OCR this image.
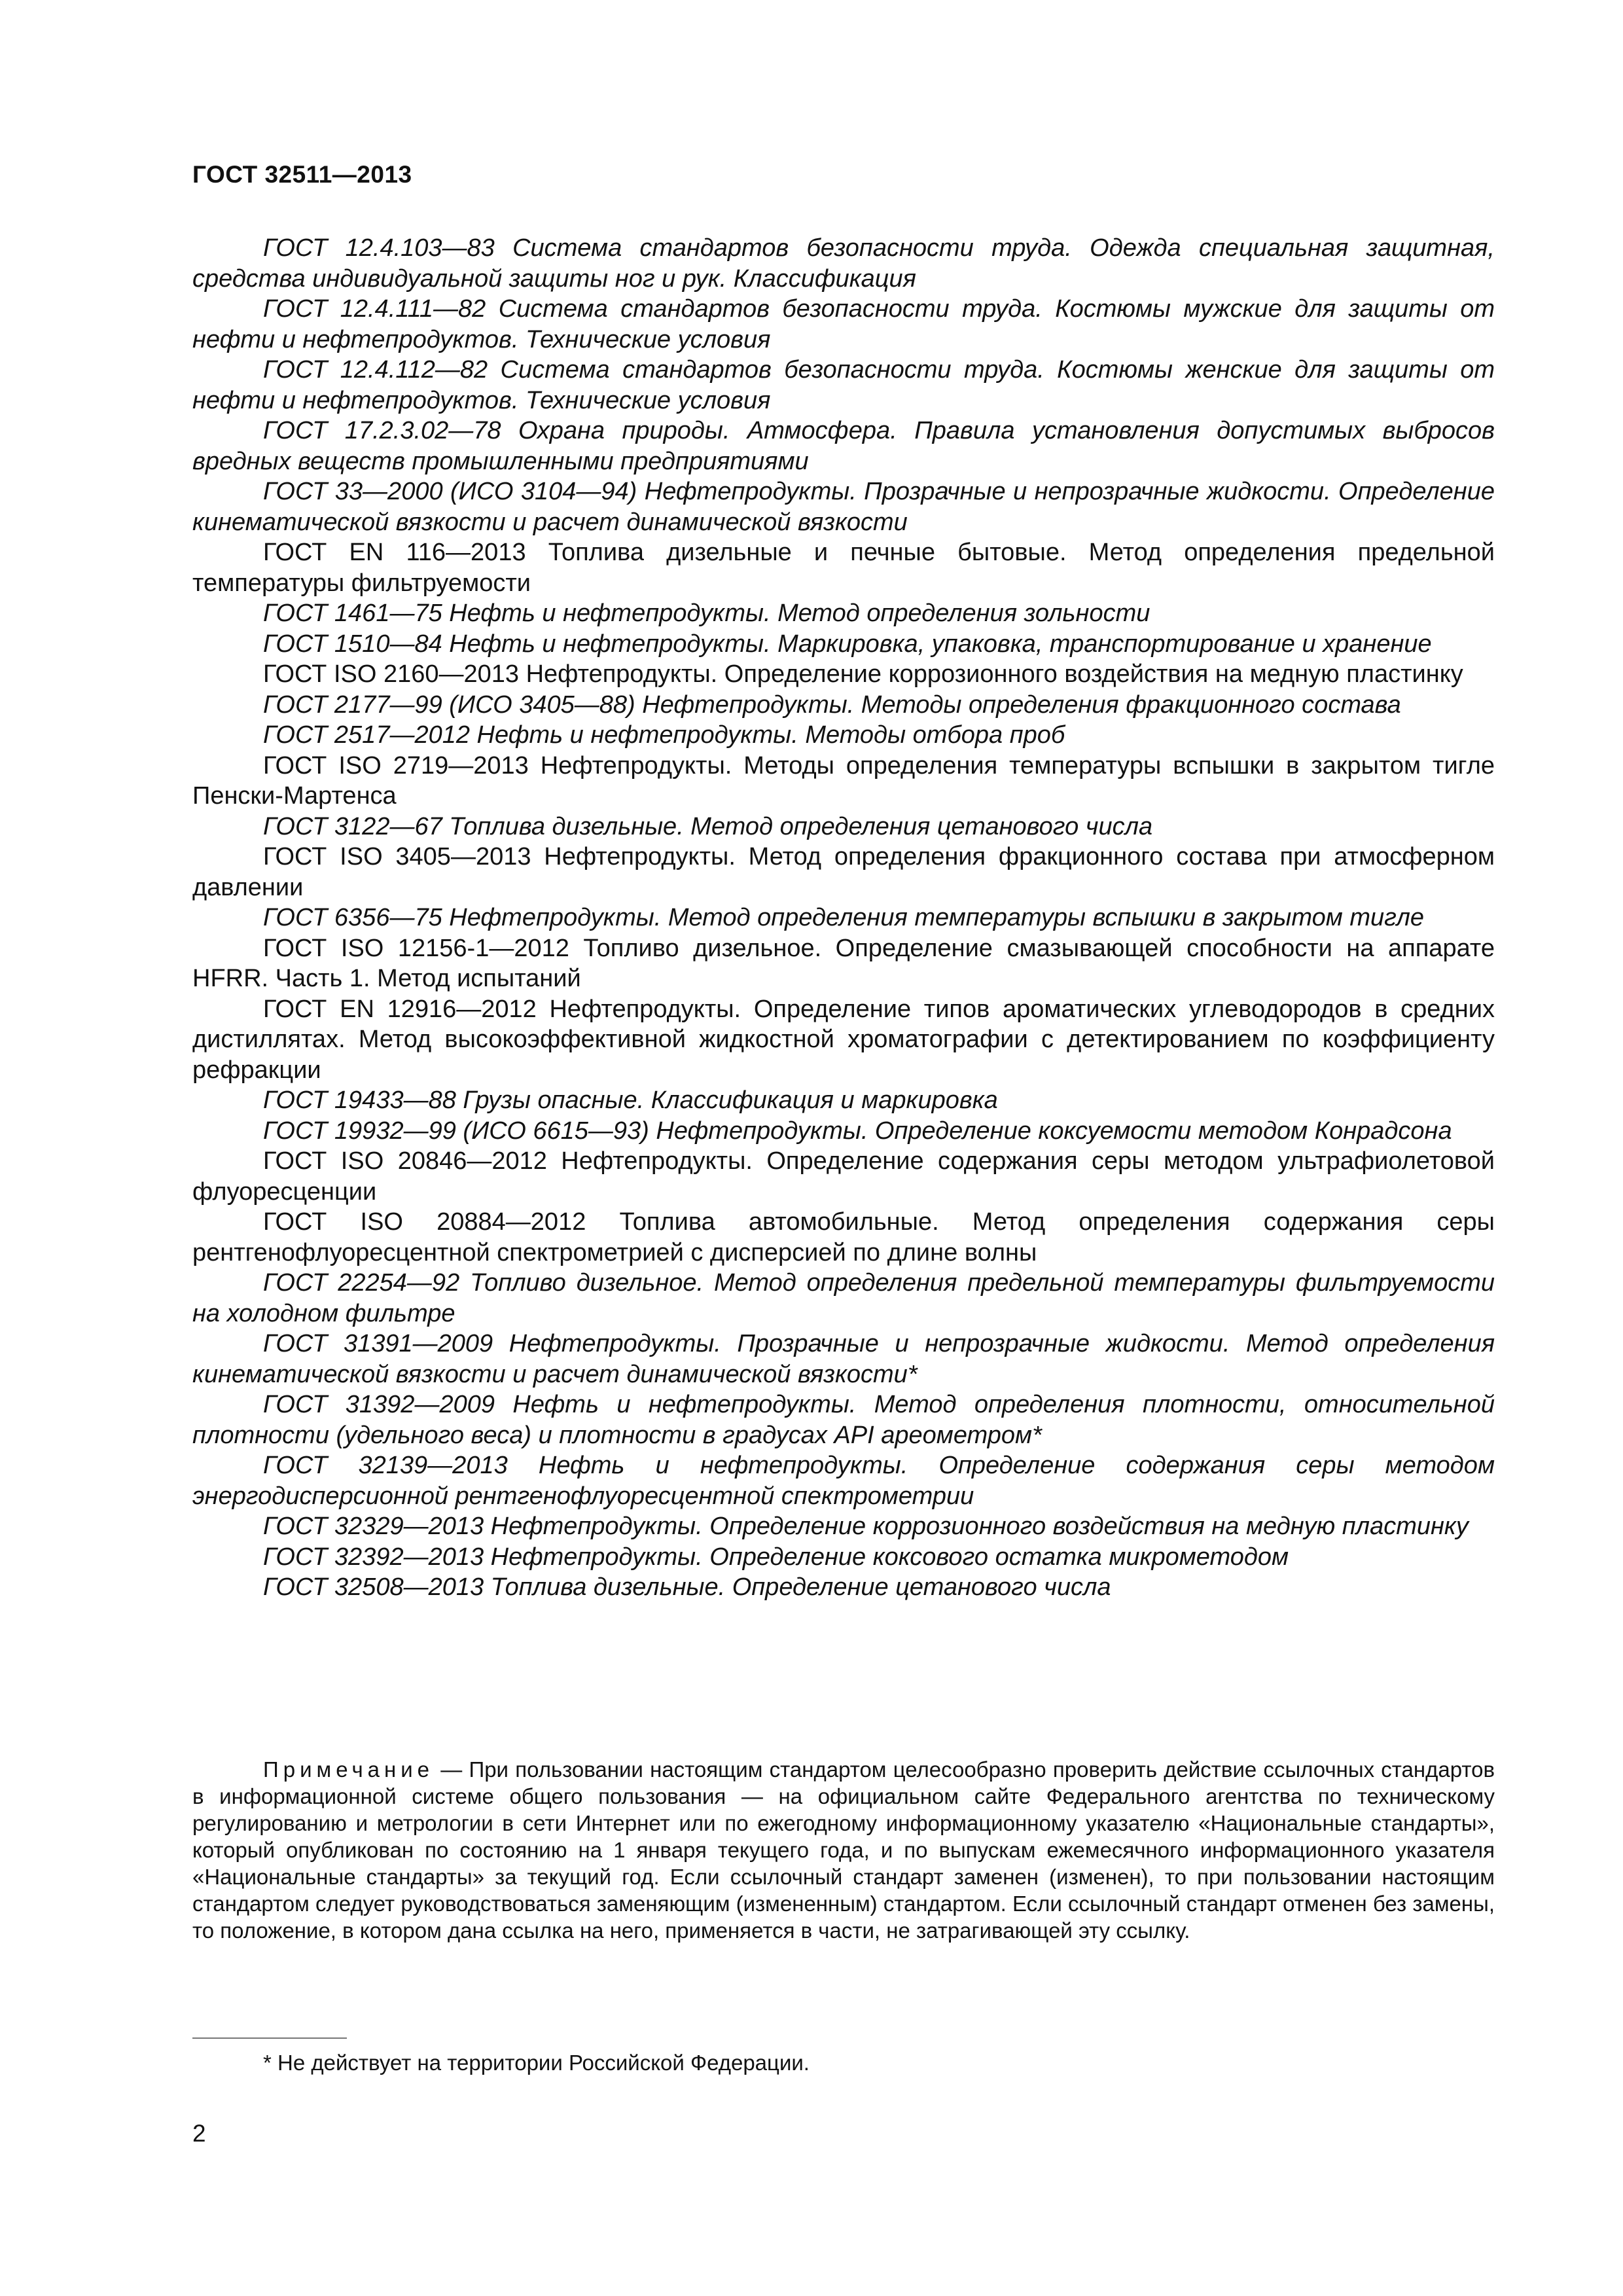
ГОСТ 32511—2013

ГОСТ 12.4.103—83 Система стандартов безопасности труда. Одежда специальная защитная, средства индивидуальной защиты ног и рук. Классификация

ГОСТ 12.4.111—82 Система стандартов безопасности труда. Костюмы мужские для защиты от нефти и нефтепродуктов. Технические условия

ГОСТ 12.4.112—82 Система стандартов безопасности труда. Костюмы женские для защиты от нефти и нефтепродуктов. Технические условия

ГОСТ 17.2.3.02—78 Охрана природы. Атмосфера. Правила установления допустимых выбросов вредных веществ промышленными предприятиями

ГОСТ 33—2000 (ИСО 3104—94) Нефтепродукты. Прозрачные и непрозрачные жидкости. Определение кинематической вязкости и расчет динамической вязкости

ГОСТ EN 116—2013 Топлива дизельные и печные бытовые. Метод определения предельной температуры фильтруемости

ГОСТ 1461—75 Нефть и нефтепродукты. Метод определения зольности

ГОСТ 1510—84 Нефть и нефтепродукты. Маркировка, упаковка, транспортирование и хранение

ГОСТ ISO 2160—2013 Нефтепродукты. Определение коррозионного воздействия на медную пластинку

ГОСТ 2177—99 (ИСО 3405—88) Нефтепродукты. Методы определения фракционного состава

ГОСТ 2517—2012 Нефть и нефтепродукты. Методы отбора проб

ГОСТ ISO 2719—2013 Нефтепродукты. Методы определения температуры вспышки в закрытом тигле Пенски-Мартенса

ГОСТ 3122—67 Топлива дизельные. Метод определения цетанового числа

ГОСТ ISO 3405—2013 Нефтепродукты. Метод определения фракционного состава при атмосферном давлении

ГОСТ 6356—75 Нефтепродукты. Метод определения температуры вспышки в закрытом тигле

ГОСТ ISO 12156-1—2012 Топливо дизельное. Определение смазывающей способности на аппарате HFRR. Часть 1. Метод испытаний

ГОСТ EN 12916—2012 Нефтепродукты. Определение типов ароматических углеводородов в средних дистиллятах. Метод высокоэффективной жидкостной хроматографии с детектированием по коэффициенту рефракции

ГОСТ 19433—88 Грузы опасные. Классификация и маркировка

ГОСТ 19932—99 (ИСО 6615—93) Нефтепродукты. Определение коксуемости методом Конрадсона

ГОСТ ISO 20846—2012 Нефтепродукты. Определение содержания серы методом ультрафиолетовой флуоресценции

ГОСТ ISO 20884—2012 Топлива автомобильные. Метод определения содержания серы рентгенофлуоресцентной спектрометрией с дисперсией по длине волны

ГОСТ 22254—92 Топливо дизельное. Метод определения предельной температуры фильтруемости на холодном фильтре

ГОСТ 31391—2009 Нефтепродукты. Прозрачные и непрозрачные жидкости. Метод определения кинематической вязкости и расчет динамической вязкости*

ГОСТ 31392—2009 Нефть и нефтепродукты. Метод определения плотности, относительной плотности (удельного веса) и плотности в градусах API ареометром*

ГОСТ 32139—2013 Нефть и нефтепродукты. Определение содержания серы методом энергодисперсионной рентгенофлуоресцентной спектрометрии

ГОСТ 32329—2013 Нефтепродукты. Определение коррозионного воздействия на медную пластинку

ГОСТ 32392—2013 Нефтепродукты. Определение коксового остатка микрометодом

ГОСТ 32508—2013 Топлива дизельные. Определение цетанового числа

Примечание — При пользовании настоящим стандартом целесообразно проверить действие ссылочных стандартов в информационной системе общего пользования — на официальном сайте Федерального агентства по техническому регулированию и метрологии в сети Интернет или по ежегодному информационному указателю «Национальные стандарты», который опубликован по состоянию на 1 января текущего года, и по выпускам ежемесячного информационного указателя «Национальные стандарты» за текущий год. Если ссылочный стандарт заменен (изменен), то при пользовании настоящим стандартом следует руководствоваться заменяющим (измененным) стандартом. Если ссылочный стандарт отменен без замены, то положение, в котором дана ссылка на него, применяется в части, не затрагивающей эту ссылку.

* Не действует на территории Российской Федерации.
2
